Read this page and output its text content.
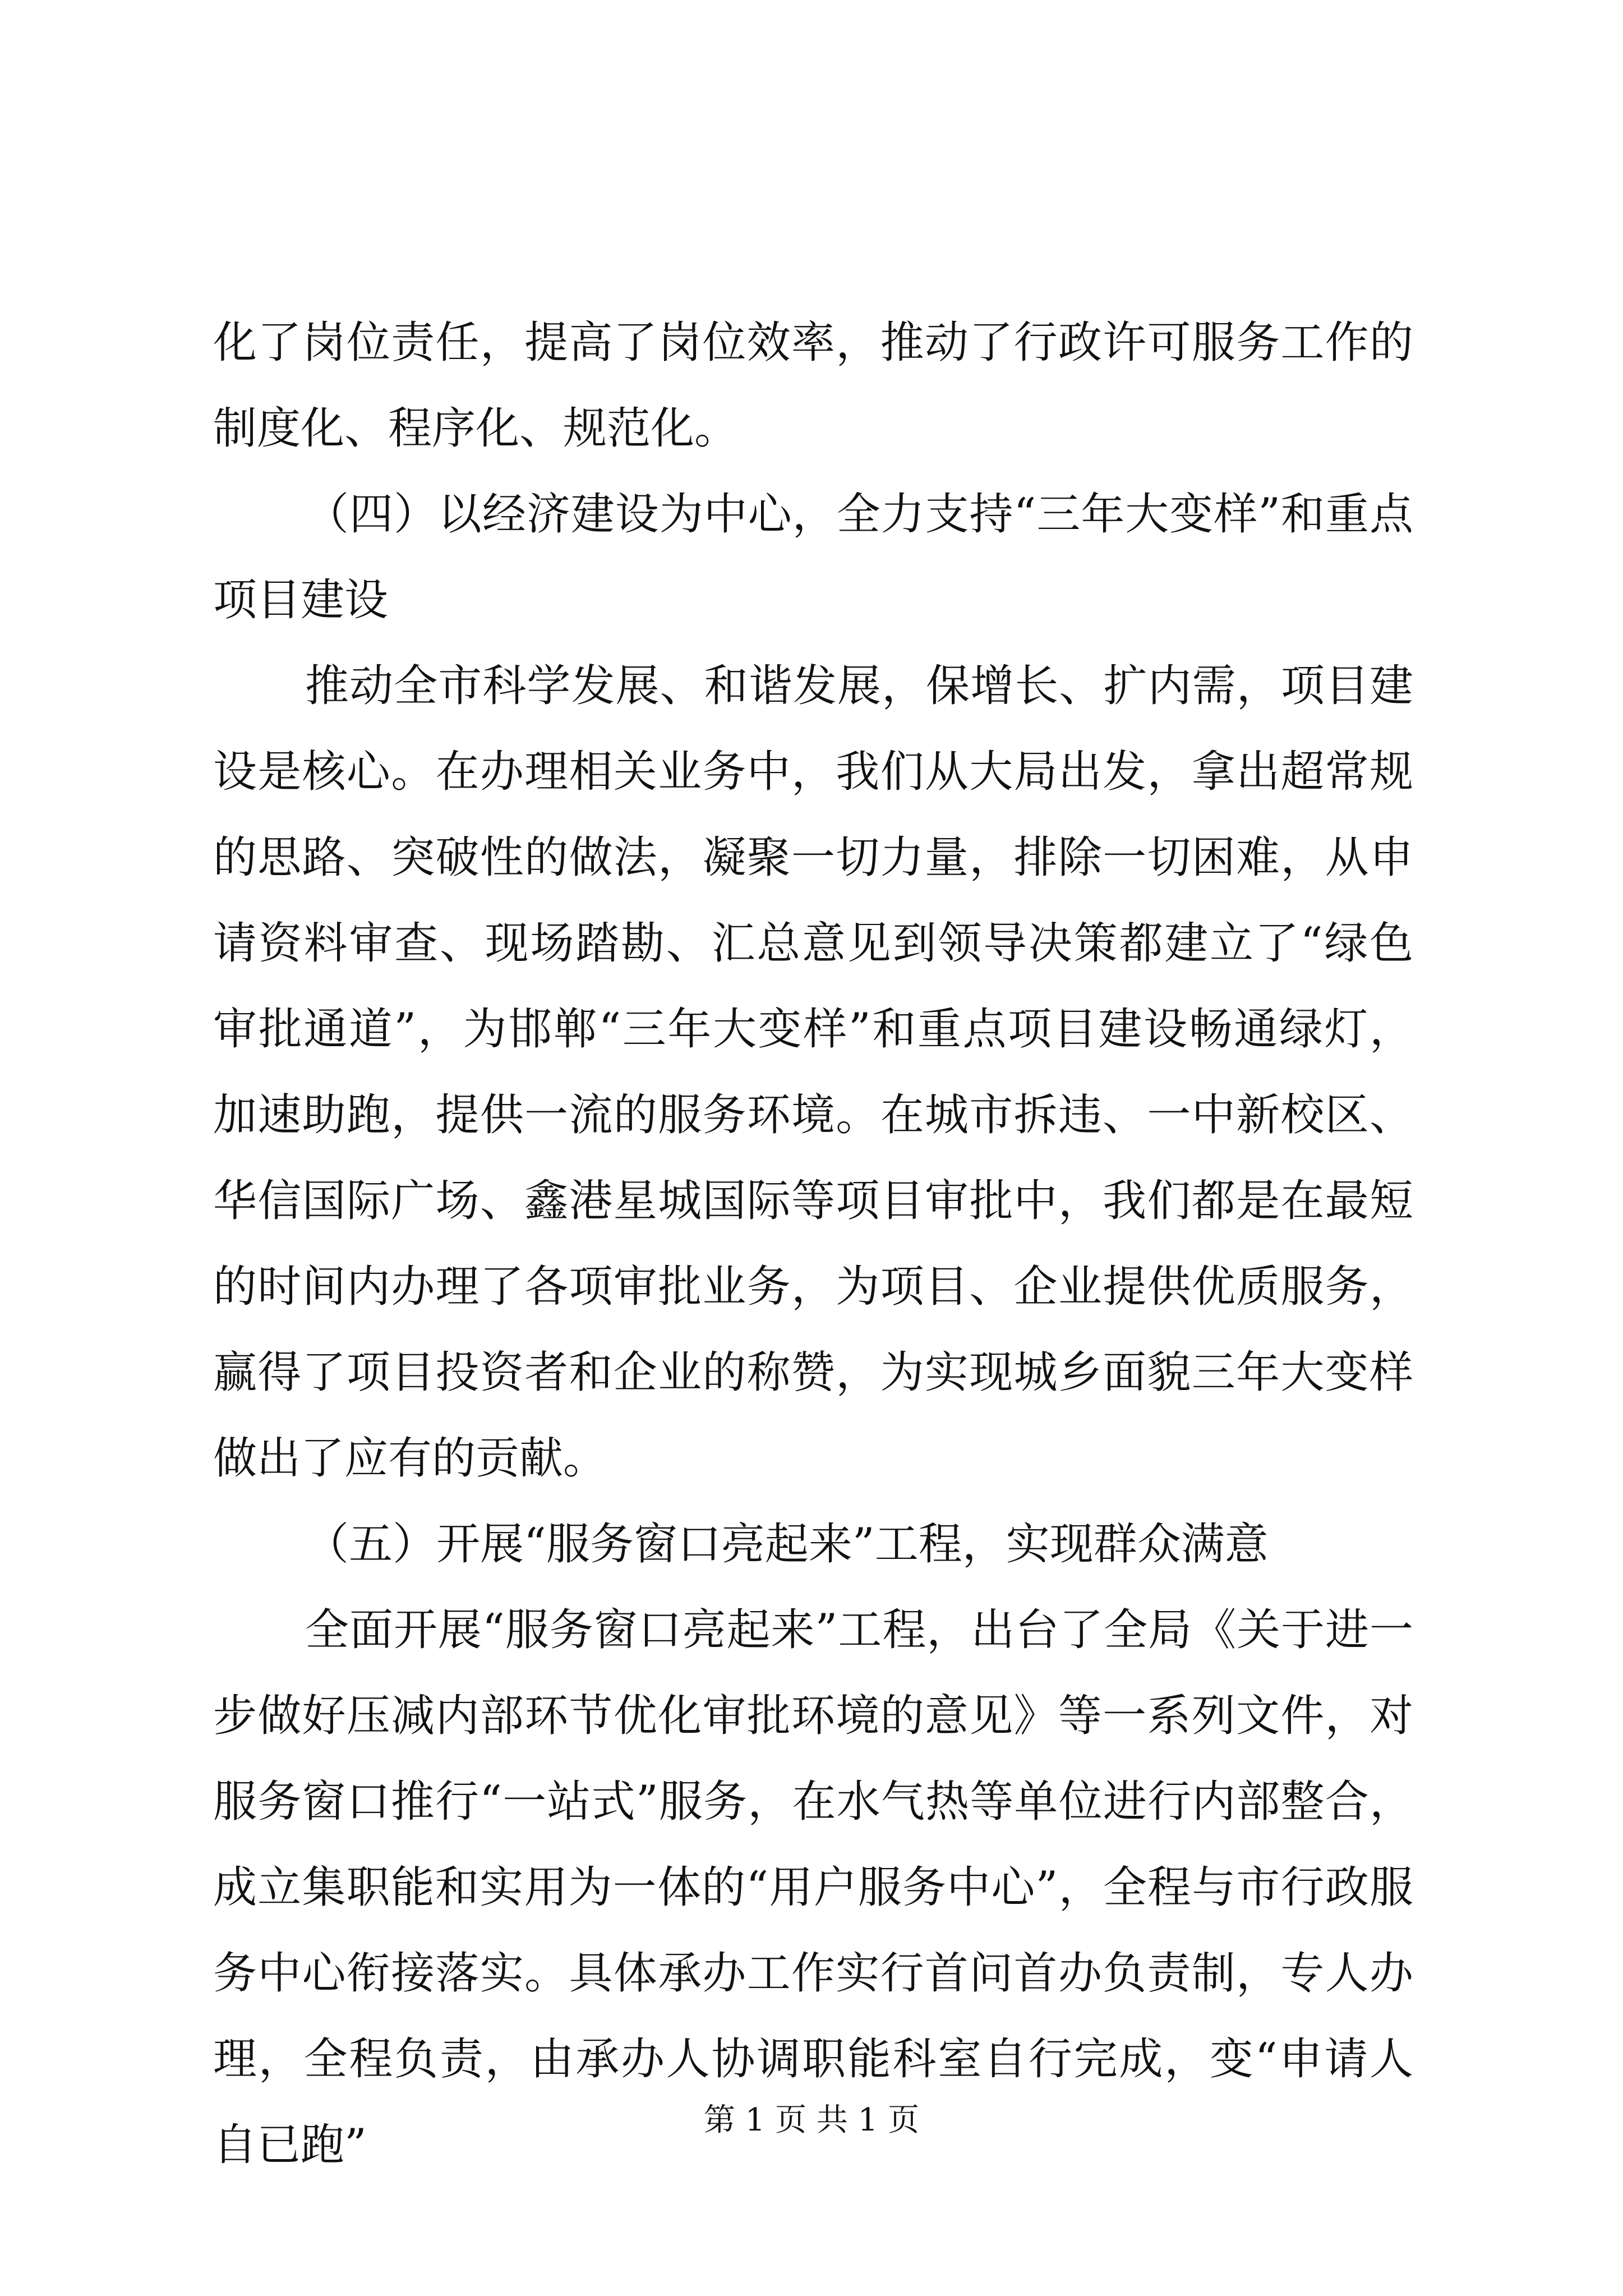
化了岗位责任，提高了岗位效率，推动了行政许可服务工作的制度化、程序化、规范化。

（四）以经济建设为中心，全力支持“三年大变样”和重点项目建设

推动全市科学发展、和谐发展，保增长、扩内需，项目建设是核心。在办理相关业务中，我们从大局出发，拿出超常规的思路、突破性的做法，凝聚一切力量，排除一切困难，从申请资料审查、现场踏勘、汇总意见到领导决策都建立了“绿色审批通道”，为邯郸“三年大变样”和重点项目建设畅通绿灯，加速助跑，提供一流的服务环境。在城市拆违、一中新校区、华信国际广场、鑫港星城国际等项目审批中，我们都是在最短的时间内办理了各项审批业务，为项目、企业提供优质服务，赢得了项目投资者和企业的称赞，为实现城乡面貌三年大变样做出了应有的贡献。

（五）开展“服务窗口亮起来”工程，实现群众满意

全面开展“服务窗口亮起来”工程，出台了全局《关于进一步做好压减内部环节优化审批环境的意见》等一系列文件，对服务窗口推行“一站式”服务，在水气热等单位进行内部整合，成立集职能和实用为一体的“用户服务中心”，全程与市行政服务中心衔接落实。具体承办工作实行首问首办负责制，专人办理，全程负责，由承办人协调职能科室自行完成，变“申请人自已跑”	第 1 页 共 1 页
